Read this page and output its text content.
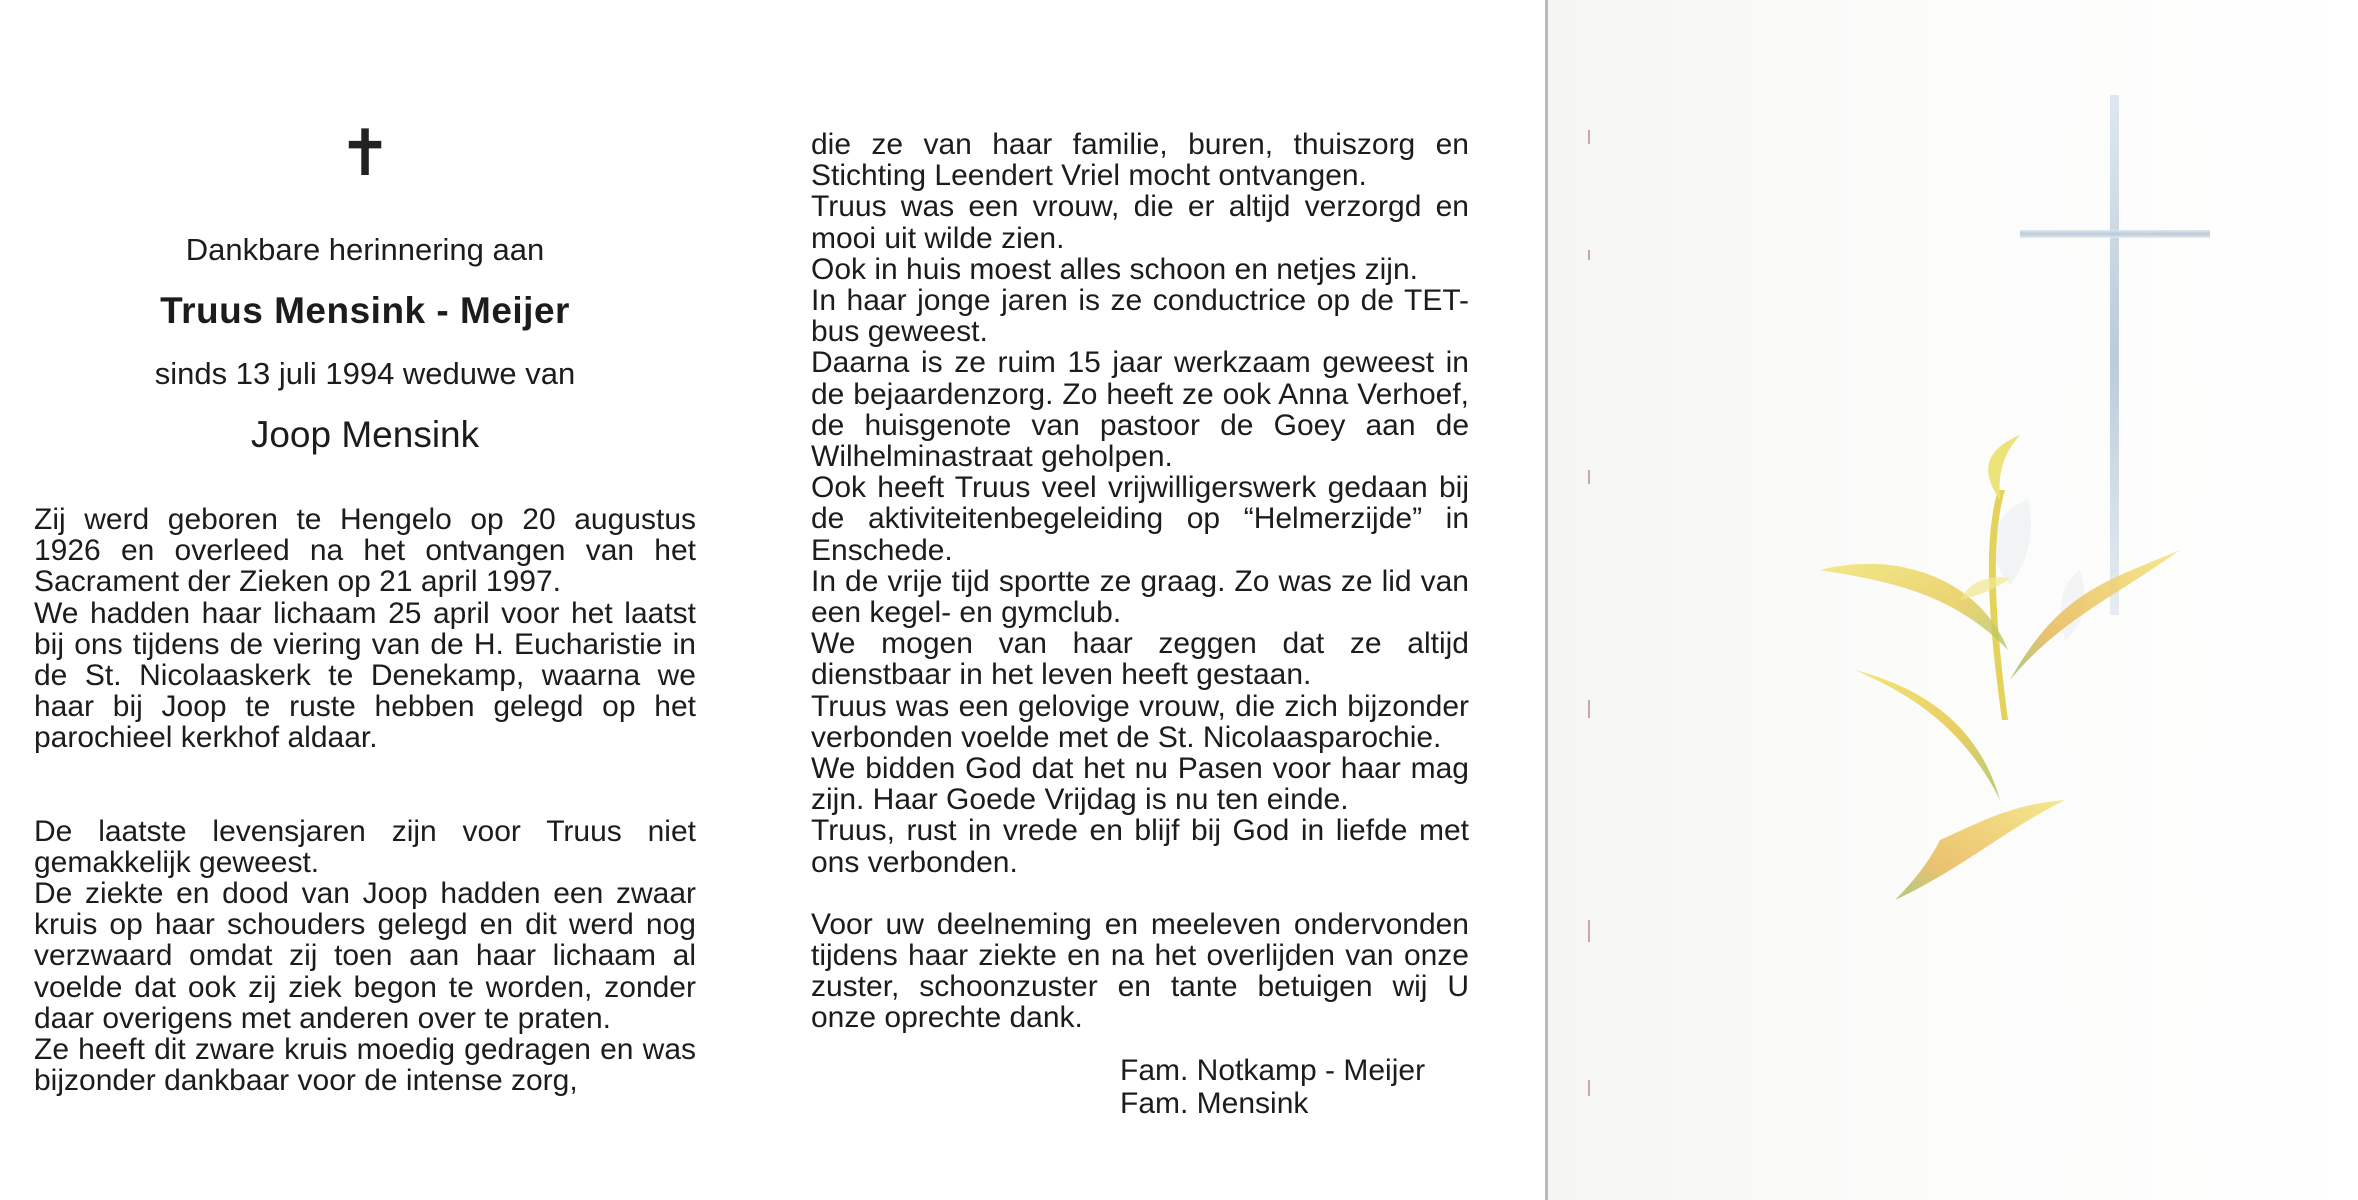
✝
Dankbare herinnering aan
Truus Mensink - Meijer
sinds 13 juli 1994 weduwe van
Joop Mensink

Zij werd geboren te Hengelo op 20 augustus 1926 en overleed na het ontvangen van het Sacrament der Zieken op 21 april 1997.

We hadden haar lichaam 25 april voor het laatst bij ons tijdens de viering van de H. Eucharistie in de St. Nicolaaskerk te Denekamp, waarna we haar bij Joop te ruste hebben gelegd op het parochieel kerkhof aldaar.

De laatste levensjaren zijn voor Truus niet gemakkelijk geweest.

De ziekte en dood van Joop hadden een zwaar kruis op haar schouders gelegd en dit werd nog verzwaard omdat zij toen aan haar lichaam al voelde dat ook zij ziek begon te worden, zonder daar overigens met anderen over te praten.

Ze heeft dit zware kruis moedig gedragen en was bijzonder dankbaar voor de intense zorg,

die ze van haar familie, buren, thuiszorg en Stichting Leendert Vriel mocht ontvangen.

Truus was een vrouw, die er altijd verzorgd en mooi uit wilde zien.

Ook in huis moest alles schoon en netjes zijn.

In haar jonge jaren is ze conductrice op de TET-bus geweest.

Daarna is ze ruim 15 jaar werkzaam geweest in de bejaardenzorg. Zo heeft ze ook Anna Verhoef, de huisgenote van pastoor de Goey aan de Wilhelminastraat geholpen.

Ook heeft Truus veel vrijwilligerswerk gedaan bij de aktiviteitenbegeleiding op “Helmerzijde” in Enschede.

In de vrije tijd sportte ze graag. Zo was ze lid van een kegel- en gymclub.

We mogen van haar zeggen dat ze altijd dienstbaar in het leven heeft gestaan.

Truus was een gelovige vrouw, die zich bijzonder verbonden voelde met de St. Nicolaasparochie.

We bidden God dat het nu Pasen voor haar mag zijn. Haar Goede Vrijdag is nu ten einde.

Truus, rust in vrede en blijf bij God in liefde met ons verbonden.

Voor uw deelneming en meeleven ondervonden tijdens haar ziekte en na het overlijden van onze zuster, schoonzuster en tante betuigen wij U onze oprechte dank.

Fam. Notkamp - Meijer
Fam. Mensink
